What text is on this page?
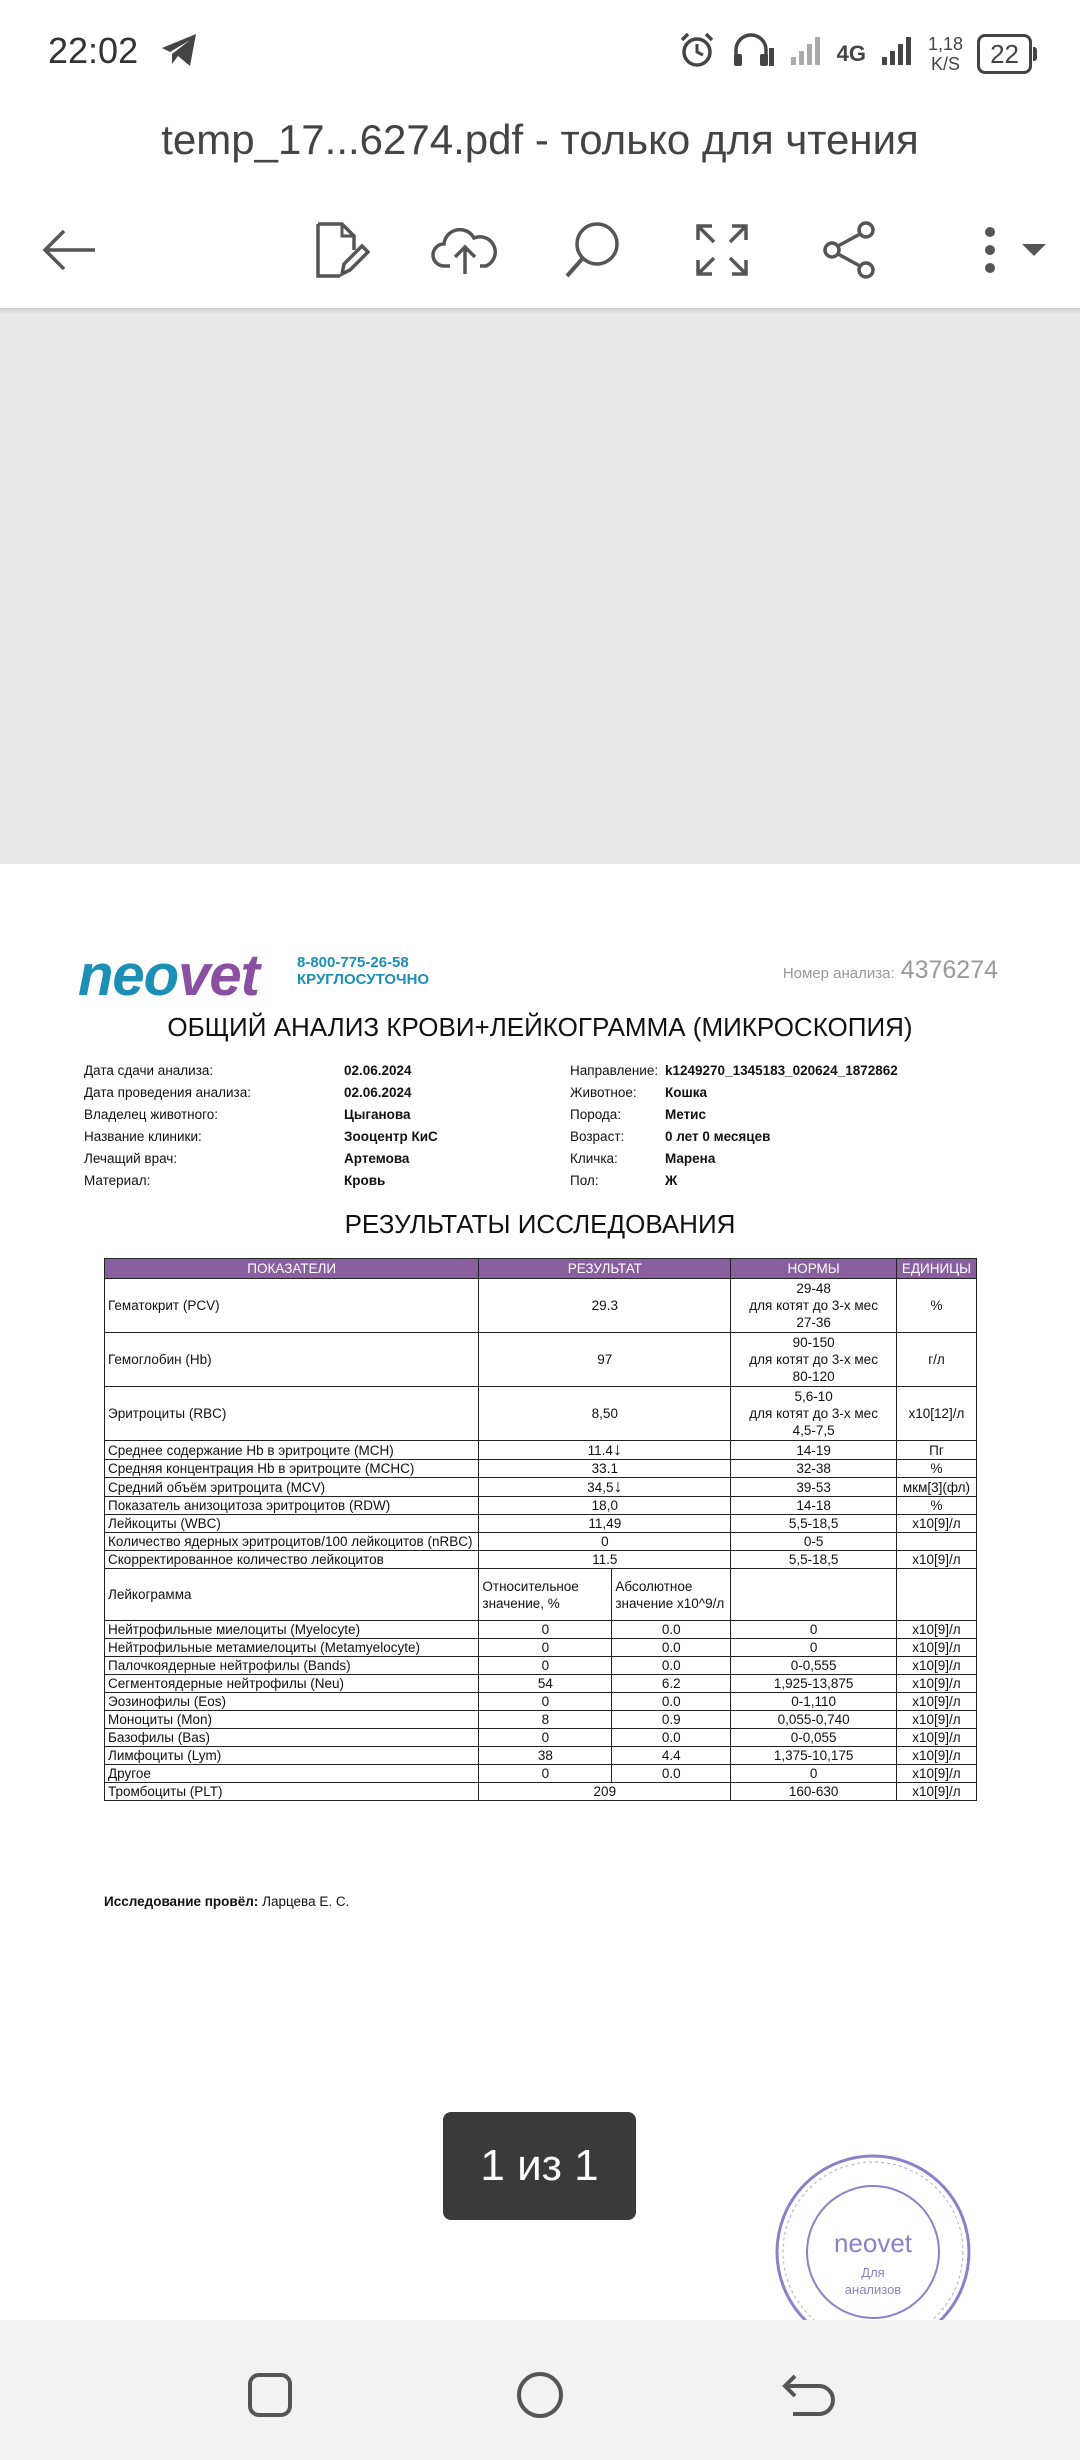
22:02	4G	1,18
K/S	22
temp_17...6274.pdf - только для чтения
neovet	8-800-775-26-58
КРУГЛОСУТОЧНО	Номер анализа: 4376274
ОБЩИЙ АНАЛИЗ КРОВИ+ЛЕЙКОГРАММА (МИКРОСКОПИЯ)
Дата сдачи анализа:	02.06.2024
Дата проведения анализа:	02.06.2024
Владелец животного:	Цыганова
Название клиники:	Зооцентр КиС
Лечащий врач:	Артемова
Материал:	Кровь
Направление: k1249270_1345183_020624_1872862
Животное:	Кошка
Порода:	Метис
Возраст:	0 лет 0 месяцев
Кличка:	Марена
Пол:	Ж
РЕЗУЛЬТАТЫ ИССЛЕДОВАНИЯ
ПОКАЗАТЕЛИ	РЕЗУЛЬТАТ		НОРМЫ	ЕДИНИЦЫ
Гематокрит (PCV)	29.3		29-48
для котят до 3-х мес
27-36	%
Гемоглобин (Hb)	97		90-150
для котят до 3-х мес
80-120	г/л
Эритроциты (RBC)	8,50		5,6-10
для котят до 3-х мес
4,5-7,5	x10[12]/л
Среднее содержание Hb в эритроците (MCH)	11.4↓		14-19	Пг
Средняя концентрация Hb в эритроците (MCHC)	33.1		32-38	%
Средний объём эритроцита (MCV)	34,5↓		39-53	мкм[3](фл)
Показатель анизоцитоза эритроцитов (RDW)	18,0		14-18	%
Лейкоциты (WBC)	11,49		5,5-18,5	x10[9]/л
Количество ядерных эритроцитов/100 лейкоцитов (nRBC)	0		0-5	

Скорректированное количество лейкоцитов	11.5		5,5-18,5	x10[9]/л
Лейкограмма	Относительное значение, %	Абсолютное значение x10^9/л		
Нейтрофильные миелоциты (Myelocyte)	0	0.0	0	x10[9]/л
Нейтрофильные метамиелоциты (Metamyelocyte)	0	0.0	0	x10[9]/л
Палочкоядерные нейтрофилы (Bands)	0	0.0	0-0,555	x10[9]/л
Сегментоядерные нейтрофилы (Neu)	54	6.2	1,925-13,875	x10[9]/л
Эозинофилы (Eos)	0	0.0	0-1,110	x10[9]/л
Моноциты (Mon)	8	0.9	0,055-0,740	x10[9]/л
Базофилы (Bas)	0	0.0	0-0,055	x10[9]/л
Лимфоциты (Lym)	38	4.4	1,375-10,175	x10[9]/л
Другое	0	0.0	0	x10[9]/л
Тромбоциты (PLT)	209		160-630	x10[9]/л
Исследование провёл: Ларцева Е. С.
neovet
Для
анализов
1 из 1
